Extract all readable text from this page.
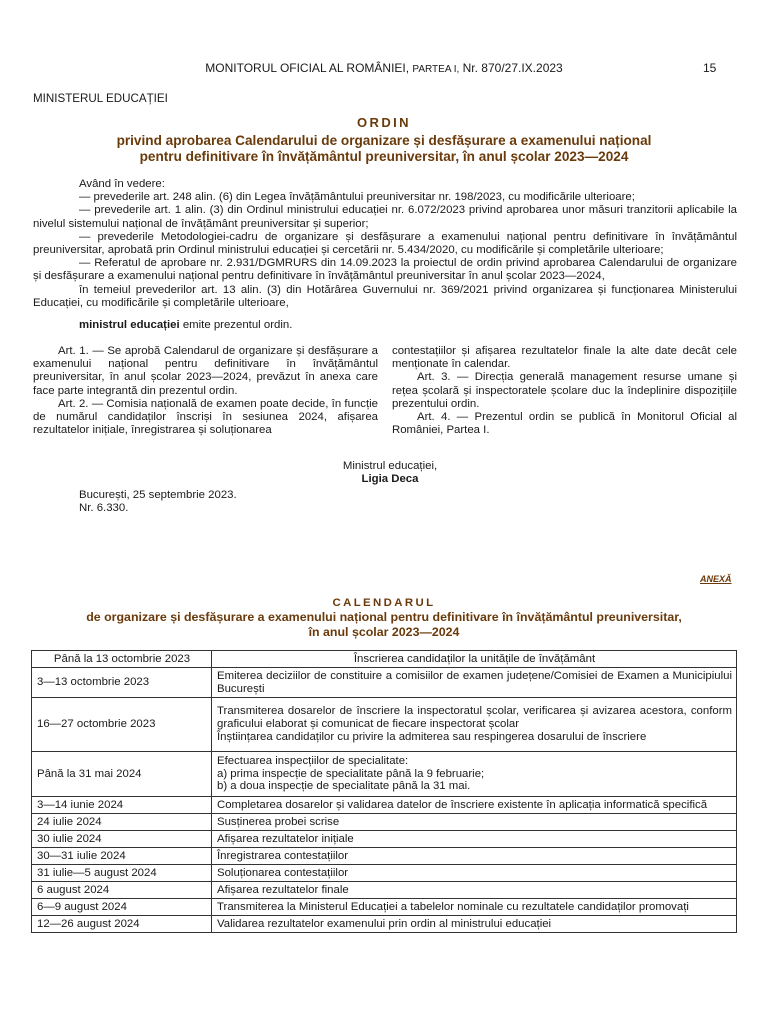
MONITORUL OFICIAL AL ROMÂNIEI, PARTEA I, Nr. 870/27.IX.2023	15
MINISTERUL EDUCAȚIEI
ORDIN
privind aprobarea Calendarului de organizare și desfășurare a examenului național
pentru definitivare în învățământul preuniversitar, în anul școlar 2023—2024

Având în vedere:

— prevederile art. 248 alin. (6) din Legea învățământului preuniversitar nr. 198/2023, cu modificările ulterioare;

— prevederile art. 1 alin. (3) din Ordinul ministrului educației nr. 6.072/2023 privind aprobarea unor măsuri tranzitorii aplicabile la nivelul sistemului național de învățământ preuniversitar și superior;

— prevederile Metodologiei-cadru de organizare și desfășurare a examenului național pentru definitivare în învățământul preuniversitar, aprobată prin Ordinul ministrului educației și cercetării nr. 5.434/2020, cu modificările și completările ulterioare;

— Referatul de aprobare nr. 2.931/DGMRURS din 14.09.2023 la proiectul de ordin privind aprobarea Calendarului de organizare și desfășurare a examenului național pentru definitivare în învățământul preuniversitar în anul școlar 2023—2024,

în temeiul prevederilor art. 13 alin. (3) din Hotărârea Guvernului nr. 369/2021 privind organizarea și funcționarea Ministerului Educației, cu modificările și completările ulterioare,

ministrul educației emite prezentul ordin.

Art. 1. — Se aprobă Calendarul de organizare și desfășurare a examenului național pentru definitivare în învățământul preuniversitar, în anul școlar 2023—2024, prevăzut în anexa care face parte integrantă din prezentul ordin.

Art. 2. — Comisia națională de examen poate decide, în funcție de numărul candidaților înscriși în sesiunea 2024, afișarea rezultatelor inițiale, înregistrarea și soluționarea

contestațiilor și afișarea rezultatelor finale la alte date decât cele menționate în calendar.

Art. 3. — Direcția generală management resurse umane și rețea școlară și inspectoratele școlare duc la îndeplinire dispozițiile prezentului ordin.

Art. 4. — Prezentul ordin se publică în Monitorul Oficial al României, Partea I.

Ministrul educației,
Ligia Deca
București, 25 septembrie 2023.
Nr. 6.330.
ANEXĂ
CALENDARUL
de organizare și desfășurare a examenului național pentru definitivare în învățământul preuniversitar,
în anul școlar 2023—2024
Până la 13 octombrie 2023	Înscrierea candidaților la unitățile de învățământ

3—13 octombrie 2023	Emiterea deciziilor de constituire a comisiilor de examen județene/Comisiei de Examen a Municipiului București

16—27 octombrie 2023	Transmiterea dosarelor de înscriere la inspectoratul școlar, verificarea și avizarea acestora, conform graficului elaborat și comunicat de fiecare inspectorat școlar
Înștiințarea candidaților cu privire la admiterea sau respingerea dosarului de înscriere

Până la 31 mai 2024	Efectuarea inspecțiilor de specialitate:
a) prima inspecție de specialitate până la 9 februarie;
b) a doua inspecție de specialitate până la 31 mai.

3—14 iunie 2024	Completarea dosarelor și validarea datelor de înscriere existente în aplicația informatică specifică

24 iulie 2024	Susținerea probei scrise

30 iulie 2024	Afișarea rezultatelor inițiale

30—31 iulie 2024	Înregistrarea contestațiilor

31 iulie—5 august 2024	Soluționarea contestațiilor

6 august 2024	Afișarea rezultatelor finale

6—9 august 2024	Transmiterea la Ministerul Educației a tabelelor nominale cu rezultatele candidaților promovați

12—26 august 2024	Validarea rezultatelor examenului prin ordin al ministrului educației
